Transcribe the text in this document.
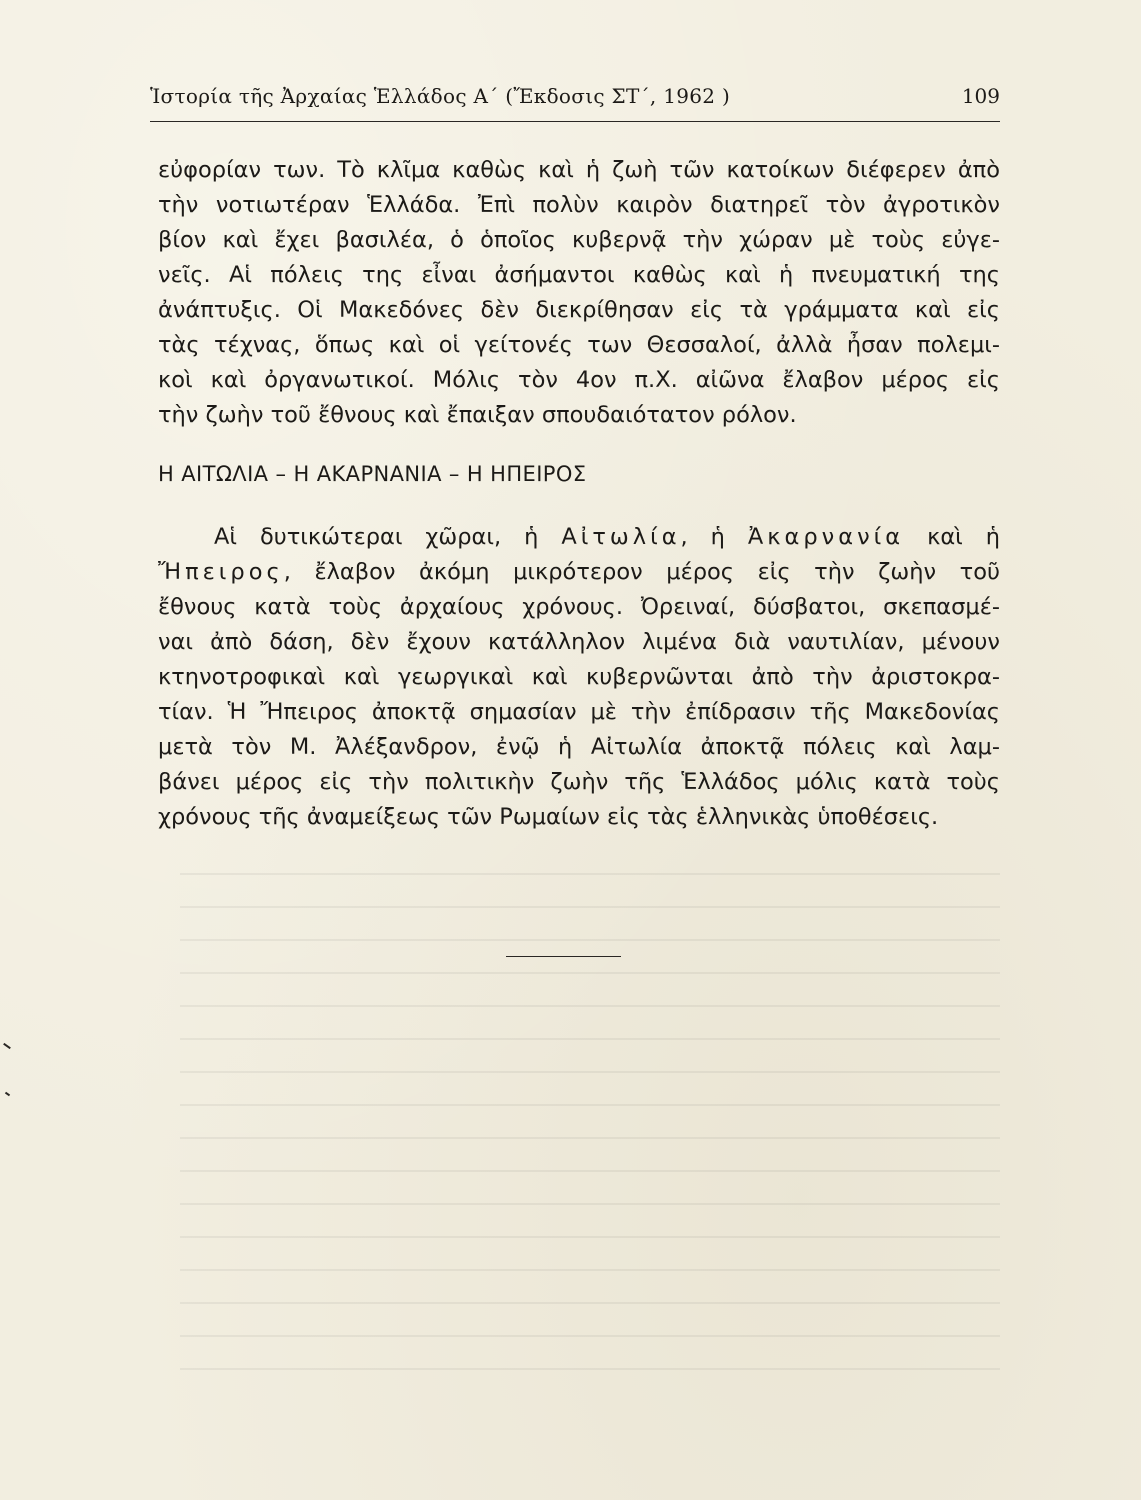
Ἱστορία τῆς Ἀρχαίας Ἑλλάδος Α΄ (Ἔκδοσις ΣΤ΄, 1962 )	109
εὐφορίαν των. Τὸ κλῖμα καθὼς καὶ ἡ ζωὴ τῶν κατοίκων διέφερεν ἀπὸ
τὴν νοτιωτέραν Ἑλλάδα. Ἐπὶ πολὺν καιρὸν διατηρεῖ τὸν ἀγροτικὸν
βίον καὶ ἔχει βασιλέα, ὁ ὁποῖος κυβερνᾷ τὴν χώραν μὲ τοὺς εὐγε-
νεῖς. Αἱ πόλεις της εἶναι ἀσήμαντοι καθὼς καὶ ἡ πνευματική της
ἀνάπτυξις. Οἱ Μακεδόνες δὲν διεκρίθησαν εἰς τὰ γράμματα καὶ εἰς
τὰς τέχνας, ὅπως καὶ οἱ γείτονές των Θεσσαλοί, ἀλλὰ ἦσαν πολεμι-
κοὶ καὶ ὀργανωτικοί. Μόλις τὸν 4ον π.Χ. αἰῶνα ἔλαβον μέρος εἰς
τὴν ζωὴν τοῦ ἔθνους καὶ ἔπαιξαν σπουδαιότατον ρόλον.
Η ΑΙΤΩΛΙΑ – Η ΑΚΑΡΝΑΝΙΑ – Η ΗΠΕΙΡΟΣ
Αἱ δυτικώτεραι χῶραι, ἡ Αἰτωλία, ἡ Ἀκαρνανία καὶ ἡ
Ἤπειρος, ἔλαβον ἀκόμη μικρότερον μέρος εἰς τὴν ζωὴν τοῦ
ἔθνους κατὰ τοὺς ἀρχαίους χρόνους. Ὀρειναί, δύσβατοι, σκεπασμέ-
ναι ἀπὸ δάση, δὲν ἔχουν κατάλληλον λιμένα διὰ ναυτιλίαν, μένουν
κτηνοτροφικαὶ καὶ γεωργικαὶ καὶ κυβερνῶνται ἀπὸ τὴν ἀριστοκρα-
τίαν. Ἡ Ἤπειρος ἀποκτᾷ σημασίαν μὲ τὴν ἐπίδρασιν τῆς Μακεδονίας
μετὰ τὸν Μ. Ἀλέξανδρον, ἐνῷ ἡ Αἰτωλία ἀποκτᾷ πόλεις καὶ λαμ-
βάνει μέρος εἰς τὴν πολιτικὴν ζωὴν τῆς Ἑλλάδος μόλις κατὰ τοὺς
χρόνους τῆς ἀναμείξεως τῶν Ρωμαίων εἰς τὰς ἑλληνικὰς ὑποθέσεις.
